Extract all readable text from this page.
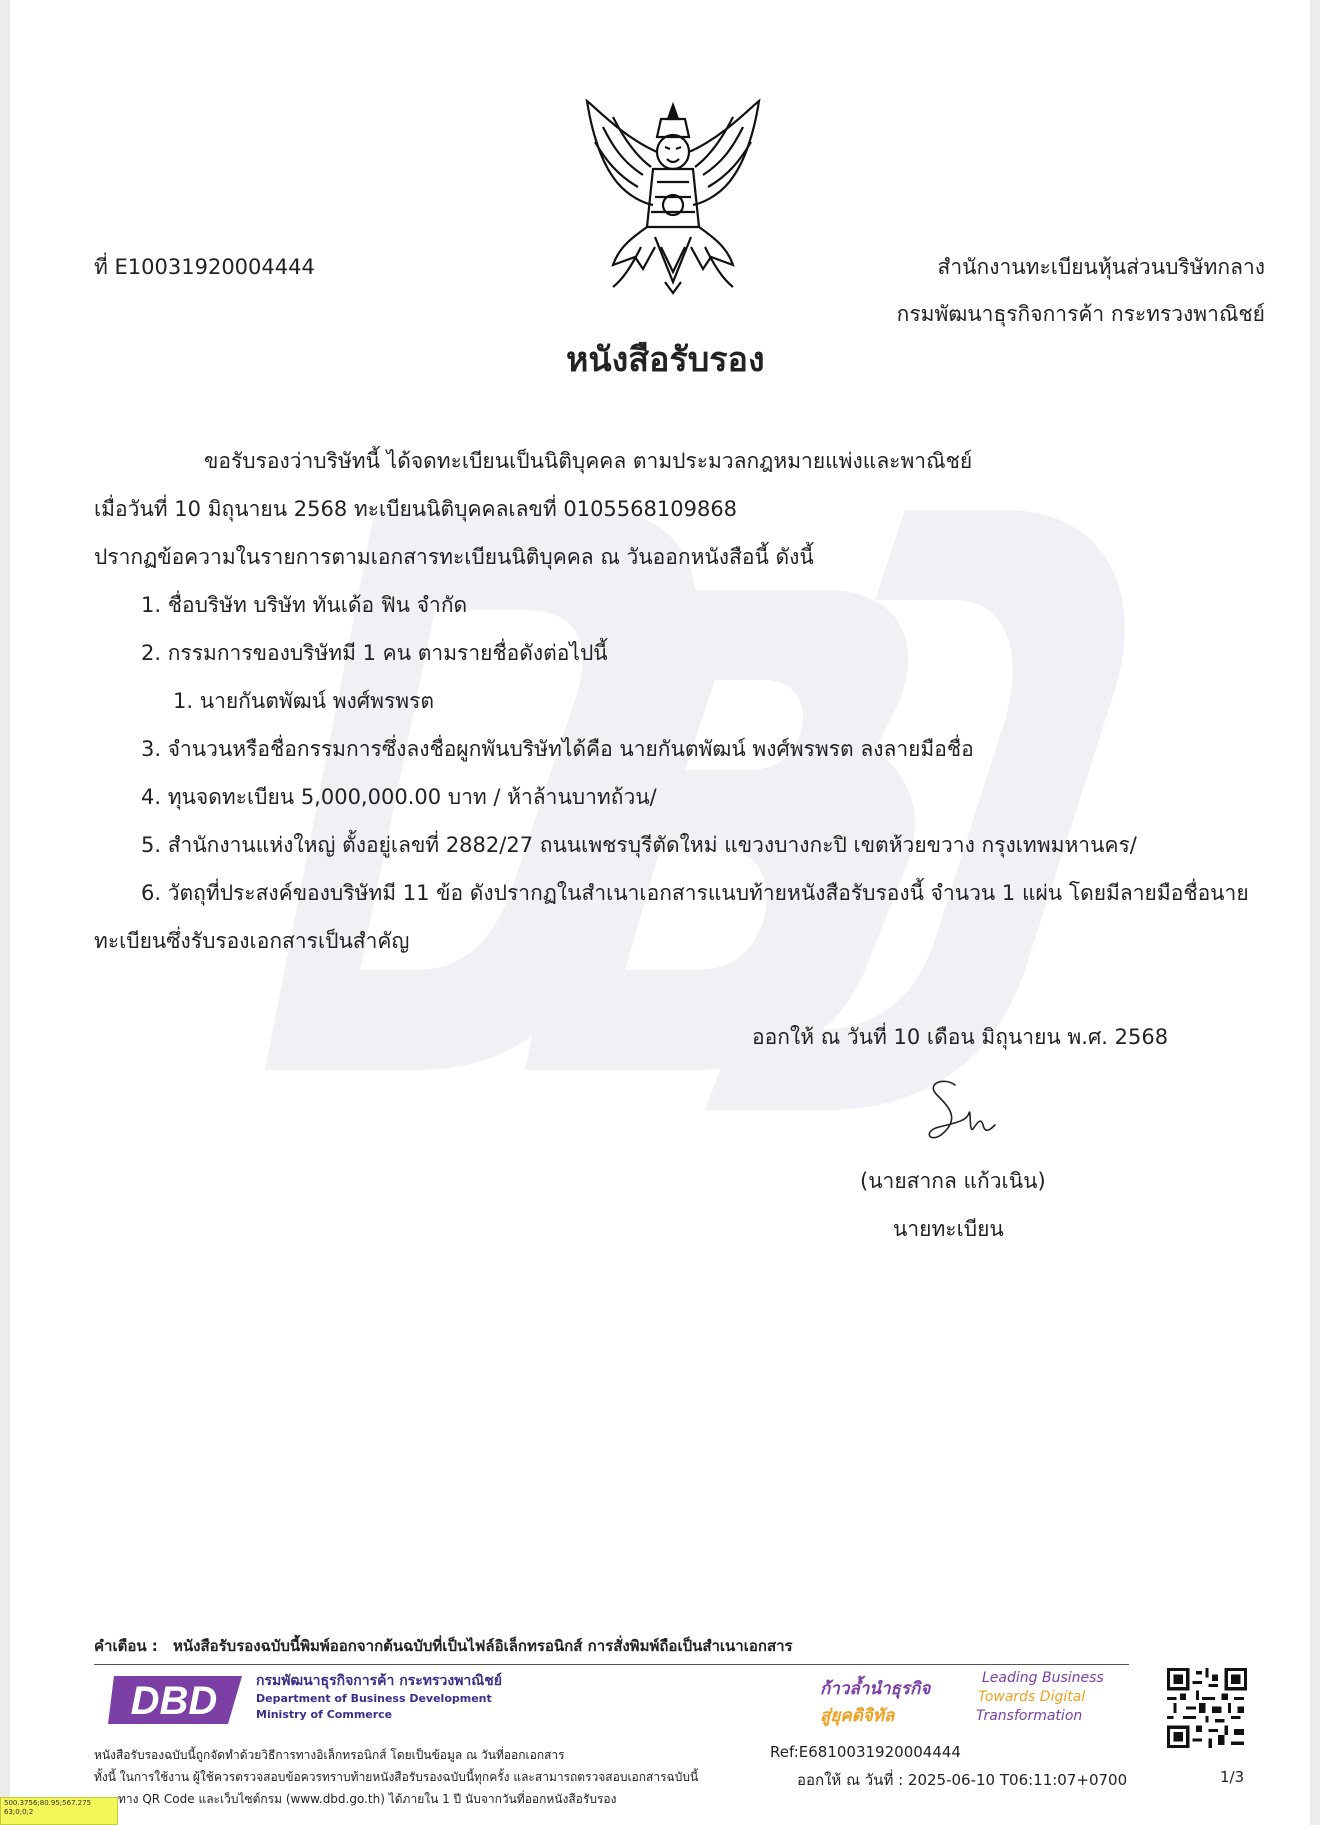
ที่ E10031920004444	สำนักงานทะเบียนหุ้นส่วนบริษัทกลาง
กรมพัฒนาธุรกิจการค้า กระทรวงพาณิชย์
หนังสือรับรอง
ขอรับรองว่าบริษัทนี้ ได้จดทะเบียนเป็นนิติบุคคล ตามประมวลกฎหมายแพ่งและพาณิชย์
เมื่อวันที่ 10 มิถุนายน 2568 ทะเบียนนิติบุคคลเลขที่ 0105568109868
ปรากฏข้อความในรายการตามเอกสารทะเบียนนิติบุคคล ณ วันออกหนังสือนี้ ดังนี้
1. ชื่อบริษัท บริษัท ทันเด้อ ฟิน จำกัด
2. กรรมการของบริษัทมี 1 คน ตามรายชื่อดังต่อไปนี้
1. นายกันตพัฒน์ พงศ์พรพรต
3. จำนวนหรือชื่อกรรมการซึ่งลงชื่อผูกพันบริษัทได้คือ นายกันตพัฒน์ พงศ์พรพรต ลงลายมือชื่อ
4. ทุนจดทะเบียน 5,000,000.00 บาท / ห้าล้านบาทถ้วน/
5. สำนักงานแห่งใหญ่ ตั้งอยู่เลขที่ 2882/27 ถนนเพชรบุรีตัดใหม่ แขวงบางกะปิ เขตห้วยขวาง กรุงเทพมหานคร/
6. วัตถุที่ประสงค์ของบริษัทมี 11 ข้อ ดังปรากฏในสำเนาเอกสารแนบท้ายหนังสือรับรองนี้ จำนวน 1 แผ่น โดยมีลายมือชื่อนาย
ทะเบียนซึ่งรับรองเอกสารเป็นสำคัญ
ออกให้ ณ วันที่ 10 เดือน มิถุนายน พ.ศ. 2568
(นายสากล แก้วเนิน)
นายทะเบียน
คำเตือน : หนังสือรับรองฉบับนี้พิมพ์ออกจากต้นฉบับที่เป็นไฟล์อิเล็กทรอนิกส์ การสั่งพิมพ์ถือเป็นสำเนาเอกสาร
DBD	กรมพัฒนาธุรกิจการค้า กระทรวงพาณิชย์
Department of Business Development
Ministry of Commerce
ก้าวล้ำนำธุรกิจ
สู่ยุคดิจิทัล
Leading Business
Towards Digital
Transformation
หนังสือรับรองฉบับนี้ถูกจัดทำด้วยวิธีการทางอิเล็กทรอนิกส์ โดยเป็นข้อมูล ณ วันที่ออกเอกสาร
ทั้งนี้ ในการใช้งาน ผู้ใช้ควรตรวจสอบข้อควรทราบท้ายหนังสือรับรองฉบับนี้ทุกครั้ง และสามารถตรวจสอบเอกสารฉบับนี้
ทาง QR Code และเว็บไซต์กรม (www.dbd.go.th) ได้ภายใน 1 ปี นับจากวันที่ออกหนังสือรับรอง
Ref:E6810031920004444
ออกให้ ณ วันที่ : 2025-06-10 T06:11:07+0700	1/3
500.3756;80.95;567.275
63;0;0;2
